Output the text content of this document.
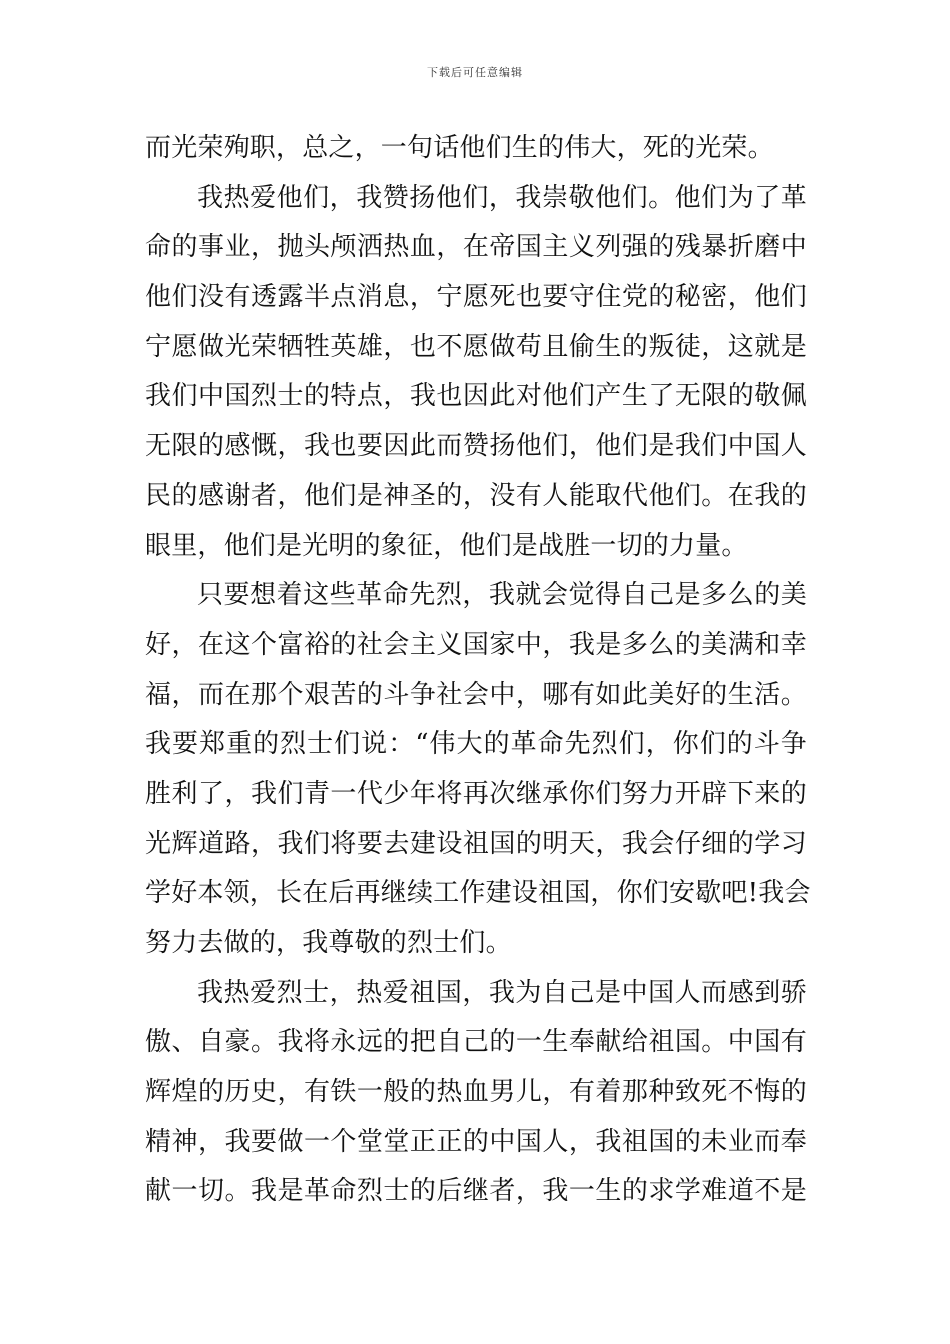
下载后可任意编辑
而光荣殉职，总之，一句话他们生的伟大，死的光荣。
我热爱他们，我赞扬他们，我崇敬他们。他们为了革
命的事业，抛头颅洒热血，在帝国主义列强的残暴折磨中
他们没有透露半点消息，宁愿死也要守住党的秘密，他们
宁愿做光荣牺牲英雄，也不愿做苟且偷生的叛徒，这就是
我们中国烈士的特点，我也因此对他们产生了无限的敬佩
无限的感慨，我也要因此而赞扬他们，他们是我们中国人
民的感谢者，他们是神圣的，没有人能取代他们。在我的
眼里，他们是光明的象征，他们是战胜一切的力量。
只要想着这些革命先烈，我就会觉得自己是多么的美
好，在这个富裕的社会主义国家中，我是多么的美满和幸
福，而在那个艰苦的斗争社会中，哪有如此美好的生活。
我要郑重的烈士们说：“伟大的革命先烈们，你们的斗争
胜利了，我们青一代少年将再次继承你们努力开辟下来的
光辉道路，我们将要去建设祖国的明天，我会仔细的学习
学好本领，长在后再继续工作建设祖国，你们安歇吧!我会
努力去做的，我尊敬的烈士们。
我热爱烈士，热爱祖国，我为自己是中国人而感到骄
傲、自豪。我将永远的把自己的一生奉献给祖国。中国有
辉煌的历史，有铁一般的热血男儿，有着那种致死不悔的
精神，我要做一个堂堂正正的中国人，我祖国的未业而奉
献一切。我是革命烈士的后继者，我一生的求学难道不是
